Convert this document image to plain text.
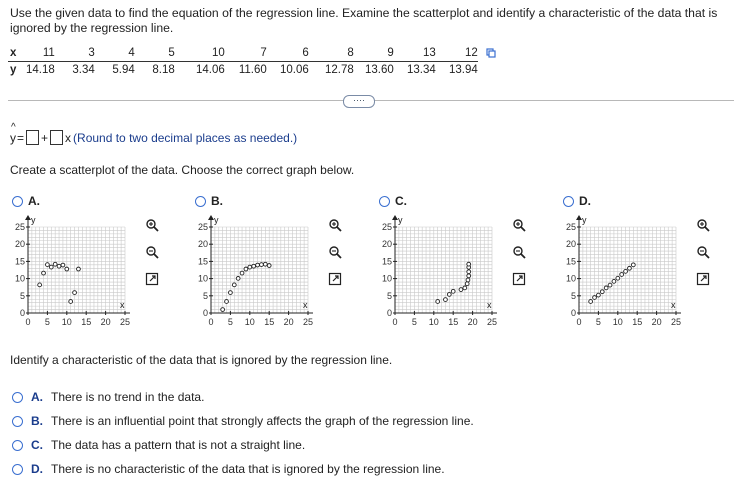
Use the given data to find the equation of the regression line. Examine the scatterplot and identify a characteristic of the data that is ignored by the regression line.
x	11	3	4	5	10	7	6	8	9	13	12
y	14.18	3.34	5.94	8.18	14.06	11.60	10.06	12.78	13.60	13.34	13.94
····
^
y = + x (Round to two decimal places as needed.)
Create a scatterplot of the data. Choose the correct graph below.
A.
y
x
25
20
15
10
5
0
0 5 10 15 20 25
B.
y
x
25
20
15
10
5
0
0 5 10 15 20 25
C.
y
x
25
20
15
10
5
0
0 5 10 15 20 25
D.
y
x
25
20
15
10
5
0
0 5 10 15 20 25
Identify a characteristic of the data that is ignored by the regression line.
A. There is no trend in the data.
B. There is an influential point that strongly affects the graph of the regression line.
C. The data has a pattern that is not a straight line.
D. There is no characteristic of the data that is ignored by the regression line.
